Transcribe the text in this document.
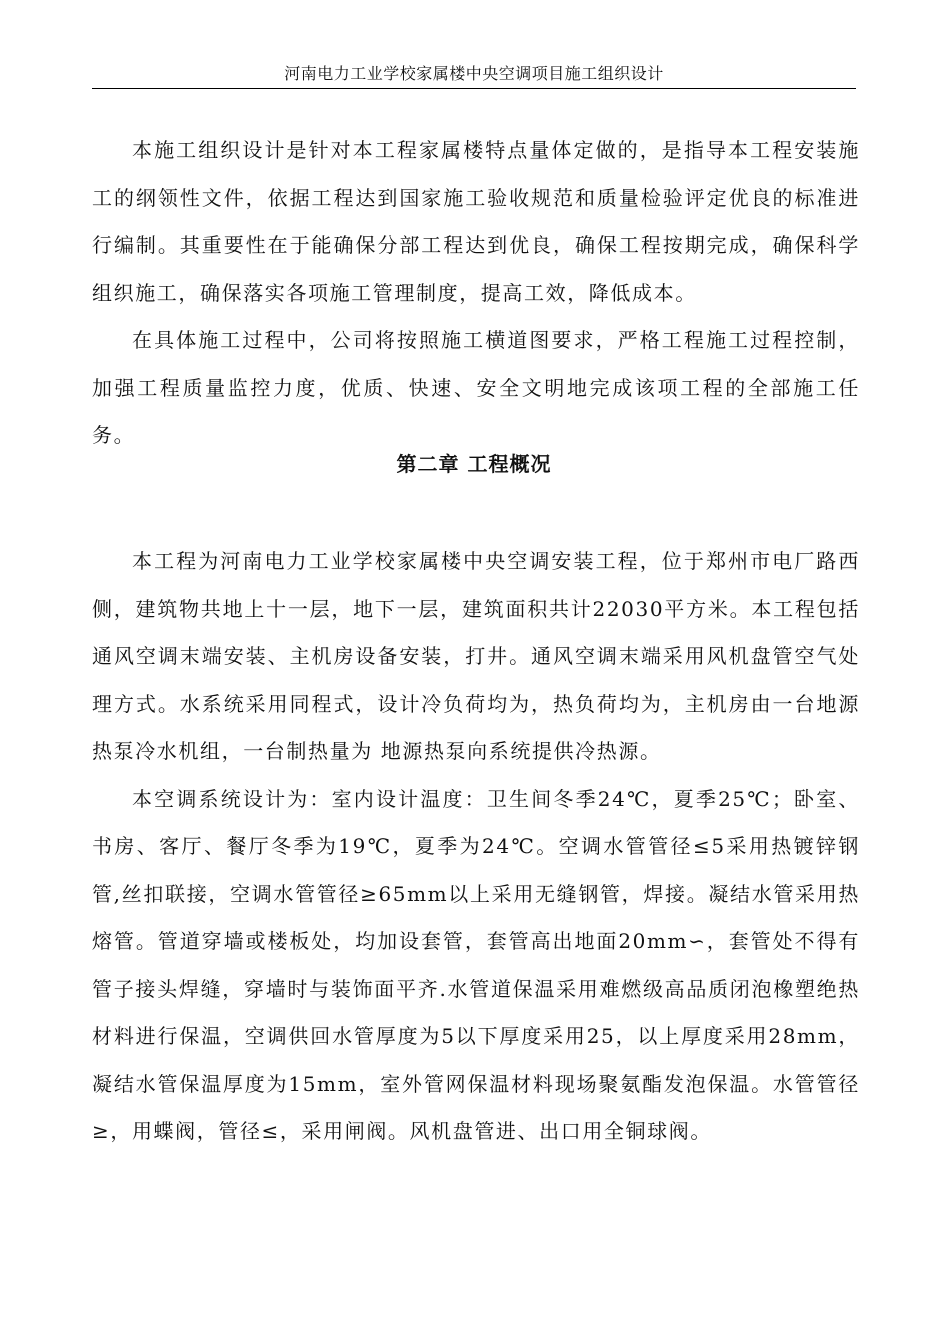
河南电力工业学校家属楼中央空调项目施工组织设计

本施工组织设计是针对本工程家属楼特点量体定做的，是指导本工程安装施工的纲领性文件，依据工程达到国家施工验收规范和质量检验评定优良的标准进行编制。其重要性在于能确保分部工程达到优良，确保工程按期完成，确保科学组织施工，确保落实各项施工管理制度，提高工效，降低成本。

在具体施工过程中，公司将按照施工横道图要求，严格工程施工过程控制，加强工程质量监控力度，优质、快速、安全文明地完成该项工程的全部施工任务。

第二章 工程概况

本工程为河南电力工业学校家属楼中央空调安装工程，位于郑州市电厂路西侧，建筑物共地上十一层，地下一层，建筑面积共计22030平方米。本工程包括通风空调末端安装、主机房设备安装，打井。通风空调末端采用风机盘管空气处理方式。水系统采用同程式，设计冷负荷均为，热负荷均为，主机房由一台地源热泵冷水机组，一台制热量为 地源热泵向系统提供冷热源。

本空调系统设计为：室内设计温度：卫生间冬季24℃，夏季25℃；卧室、书房、客厅、餐厅冬季为19℃，夏季为24℃。空调水管管径≤5采用热镀锌钢管,丝扣联接，空调水管管径≥65mm以上采用无缝钢管，焊接。凝结水管采用热熔管。管道穿墙或楼板处，均加设套管，套管高出地面20mm∽，套管处不得有管子接头焊缝，穿墙时与装饰面平齐.水管道保温采用难燃级高品质闭泡橡塑绝热材料进行保温，空调供回水管厚度为5以下厚度采用25，以上厚度采用28mm，凝结水管保温厚度为15mm，室外管网保温材料现场聚氨酯发泡保温。水管管径≥，用蝶阀，管径≤，采用闸阀。风机盘管进、出口用全铜球阀。
